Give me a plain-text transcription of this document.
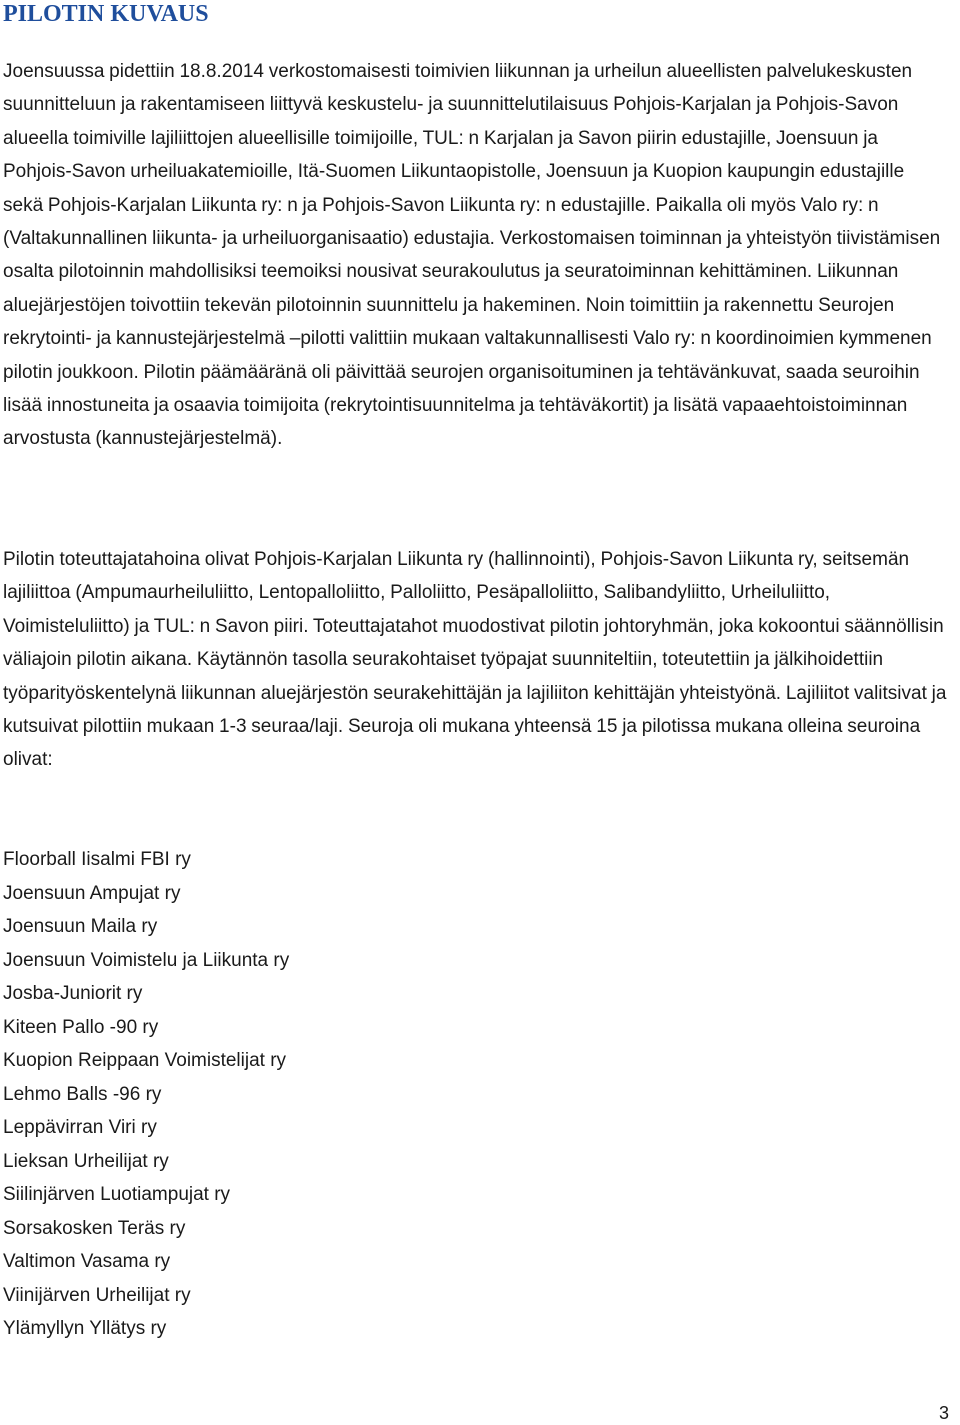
PILOTIN KUVAUS

Joensuussa pidettiin 18.8.2014 verkostomaisesti toimivien liikunnan ja urheilun alueellisten palvelukeskusten suunnitteluun ja rakentamiseen liittyvä keskustelu- ja suunnittelutilaisuus Pohjois-Karjalan ja Pohjois-Savon alueella toimiville lajiliittojen alueellisille toimijoille, TUL: n Karjalan ja Savon piirin edustajille, Joensuun ja Pohjois-Savon urheiluakatemioille, Itä-Suomen Liikuntaopistolle, Joensuun ja Kuopion kaupungin edustajille sekä Pohjois-Karjalan Liikunta ry: n ja Pohjois-Savon Liikunta ry: n edustajille. Paikalla oli myös Valo ry: n (Valtakunnallinen liikunta- ja urheiluorganisaatio) edustajia. Verkostomaisen toiminnan ja yhteistyön tiivistämisen osalta pilotoinnin mahdollisiksi teemoiksi nousivat seurakoulutus ja seuratoiminnan kehittäminen. Liikunnan aluejärjestöjen toivottiin tekevän pilotoinnin suunnittelu ja hakeminen. Noin toimittiin ja rakennettu Seurojen rekrytointi- ja kannustejärjestelmä –pilotti valittiin mukaan valtakunnallisesti Valo ry: n koordinoimien kymmenen pilotin joukkoon. Pilotin päämääränä oli päivittää seurojen organisoituminen ja tehtävänkuvat, saada seuroihin lisää innostuneita ja osaavia toimijoita (rekrytointisuunnitelma ja tehtäväkortit) ja lisätä vapaaehtoistoiminnan arvostusta (kannustejärjestelmä).

Pilotin toteuttajatahoina olivat Pohjois-Karjalan Liikunta ry (hallinnointi), Pohjois-Savon Liikunta ry, seitsemän lajiliittoa (Ampumaurheiluliitto, Lentopalloliitto, Palloliitto, Pesäpalloliitto, Salibandyliitto, Urheiluliitto, Voimisteluliitto) ja TUL: n Savon piiri. Toteuttajatahot muodostivat pilotin johtoryhmän, joka kokoontui säännöllisin väliajoin pilotin aikana. Käytännön tasolla seurakohtaiset työpajat suunniteltiin, toteutettiin ja jälkihoidettiin työparityöskentelynä liikunnan aluejärjestön seurakehittäjän ja lajiliiton kehittäjän yhteistyönä. Lajiliitot valitsivat ja kutsuivat pilottiin mukaan 1-3 seuraa/laji. Seuroja oli mukana yhteensä 15 ja pilotissa mukana olleina seuroina olivat:

Floorball Iisalmi FBI ry
Joensuun Ampujat ry
Joensuun Maila ry
Joensuun Voimistelu ja Liikunta ry
Josba-Juniorit ry
Kiteen Pallo -90 ry
Kuopion Reippaan Voimistelijat ry
Lehmo Balls -96 ry
Leppävirran Viri ry
Lieksan Urheilijat ry
Siilinjärven Luotiampujat ry
Sorsakosken Teräs ry
Valtimon Vasama ry
Viinijärven Urheilijat ry
Ylämyllyn Yllätys ry
3
